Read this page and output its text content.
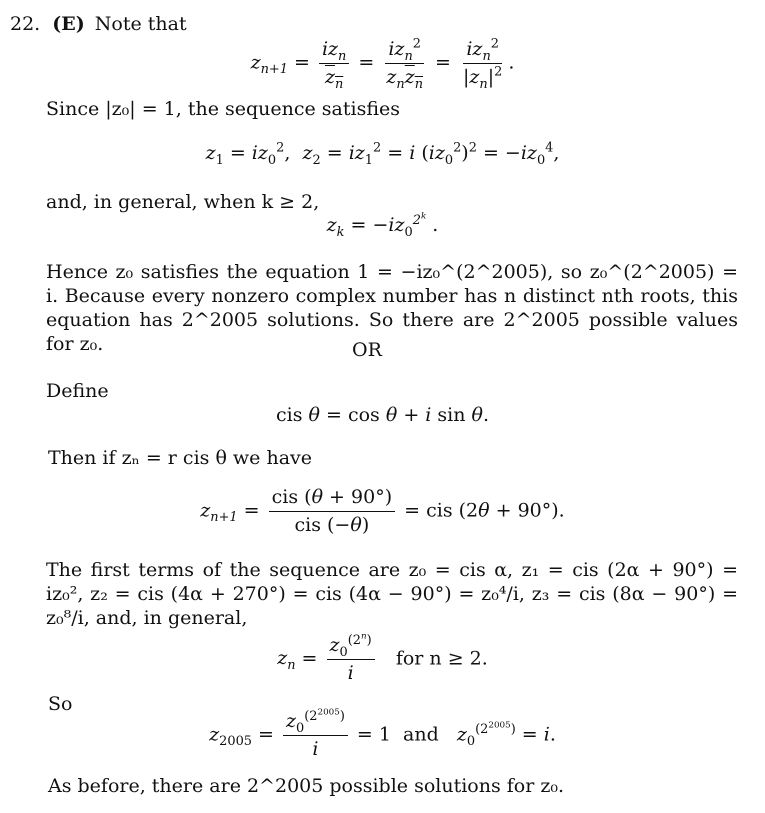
22. (E) Note that
$z_{n+1} = \frac{iz_n}{z_n} = \frac{iz_n^2}{z_nz_n} = \frac{iz_n^2}{|z_n|^2}$ .
Since |z₀| = 1, the sequence satisfies
$z_1 = iz_0^2$,  $z_2 = iz_1^2 = i$ $(iz_0^2)^2 = -iz_0^4$,
and, in general, when k ≥ 2,
$z_k = -iz_0^{2^k}$ .
Hence z₀ satisfies the equation 1 = −iz₀^(2^2005), so z₀^(2^2005) = i. Because every nonzero complex number has n distinct nth roots, this equation has 2^2005 solutions. So there are 2^2005 possible values for z₀.	OR
Define
cis θ = cos θ + i sin θ.
Then if zₙ = r cis θ we have
$z_{n+1} = \frac{\text{cis (θ + 90°)}}{\text{cis (−θ)}}$ = cis (2θ + 90°).
The first terms of the sequence are z₀ = cis α, z₁ = cis (2α + 90°) = iz₀², z₂ = cis (4α + 270°) = cis (4α − 90°) = z₀⁴/i, z₃ = cis (8α − 90°) = z₀⁸/i, and, in general,
$z_n = \frac{z_0^{(2^n)}}{i}$ for n ≥ 2.
So
$z_{2005} = \frac{z_0^{(2^{2005})}}{i} = 1$  and $z_0^{(2^{2005})} = i$.
As before, there are 2^2005 possible solutions for z₀.
